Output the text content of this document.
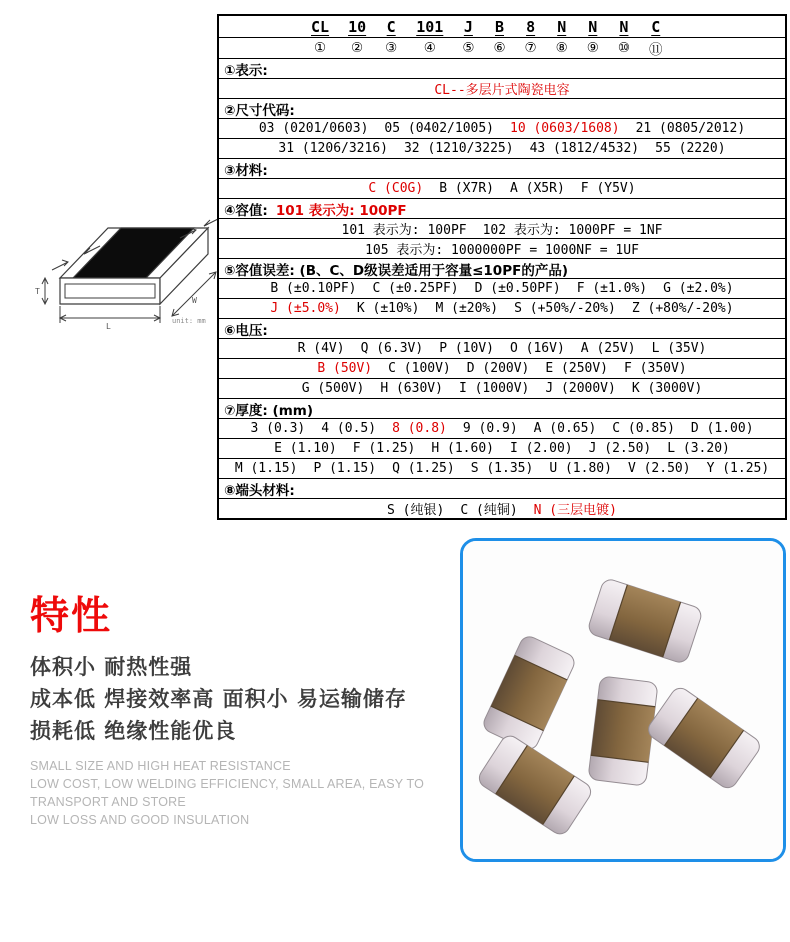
L
T
W
unit: mm
CL
①
10
②
C
③
101
④
J
⑤
B
⑥
8
⑦
N
⑧
N
⑨
N
⑩
C
⑪
①表示:
CL--多层片式陶瓷电容
②尺寸代码:
03 (0201/0603) 05 (0402/1005) 10 (0603/1608) 21 (0805/2012)
31 (1206/3216) 32 (1210/3225) 43 (1812/4532) 55 (2220)
③材料:
C (C0G) B (X7R) A (X5R) F (Y5V)
④容值: 101 表示为: 100PF
101 表示为: 100PF 102 表示为: 1000PF = 1NF
105 表示为: 1000000PF = 1000NF = 1UF
⑤容值误差: (B、C、D级误差适用于容量≤10PF的产品)
B (±0.10PF) C (±0.25PF) D (±0.50PF) F (±1.0%) G (±2.0%)
J (±5.0%) K (±10%) M (±20%) S (+50%/-20%) Z (+80%/-20%)
⑥电压:
R (4V) Q (6.3V) P (10V) O (16V) A (25V) L (35V)
B (50V) C (100V) D (200V) E (250V) F (350V)
G (500V) H (630V) I (1000V) J (2000V) K (3000V)
⑦厚度: (mm)
3 (0.3) 4 (0.5) 8 (0.8) 9 (0.9) A (0.65) C (0.85) D (1.00)
E (1.10) F (1.25) H (1.60) I (2.00) J (2.50) L (3.20)
M (1.15) P (1.15) Q (1.25) S (1.35) U (1.80) V (2.50) Y (1.25)
⑧端头材料:
S (纯银) C (纯铜) N (三层电镀)
特性
体积小 耐热性强
成本低 焊接效率高 面积小 易运输储存
损耗低 绝缘性能优良
SMALL SIZE AND HIGH HEAT RESISTANCE
LOW COST, LOW WELDING EFFICIENCY, SMALL AREA, EASY TO TRANSPORT AND STORE
LOW LOSS AND GOOD INSULATION
